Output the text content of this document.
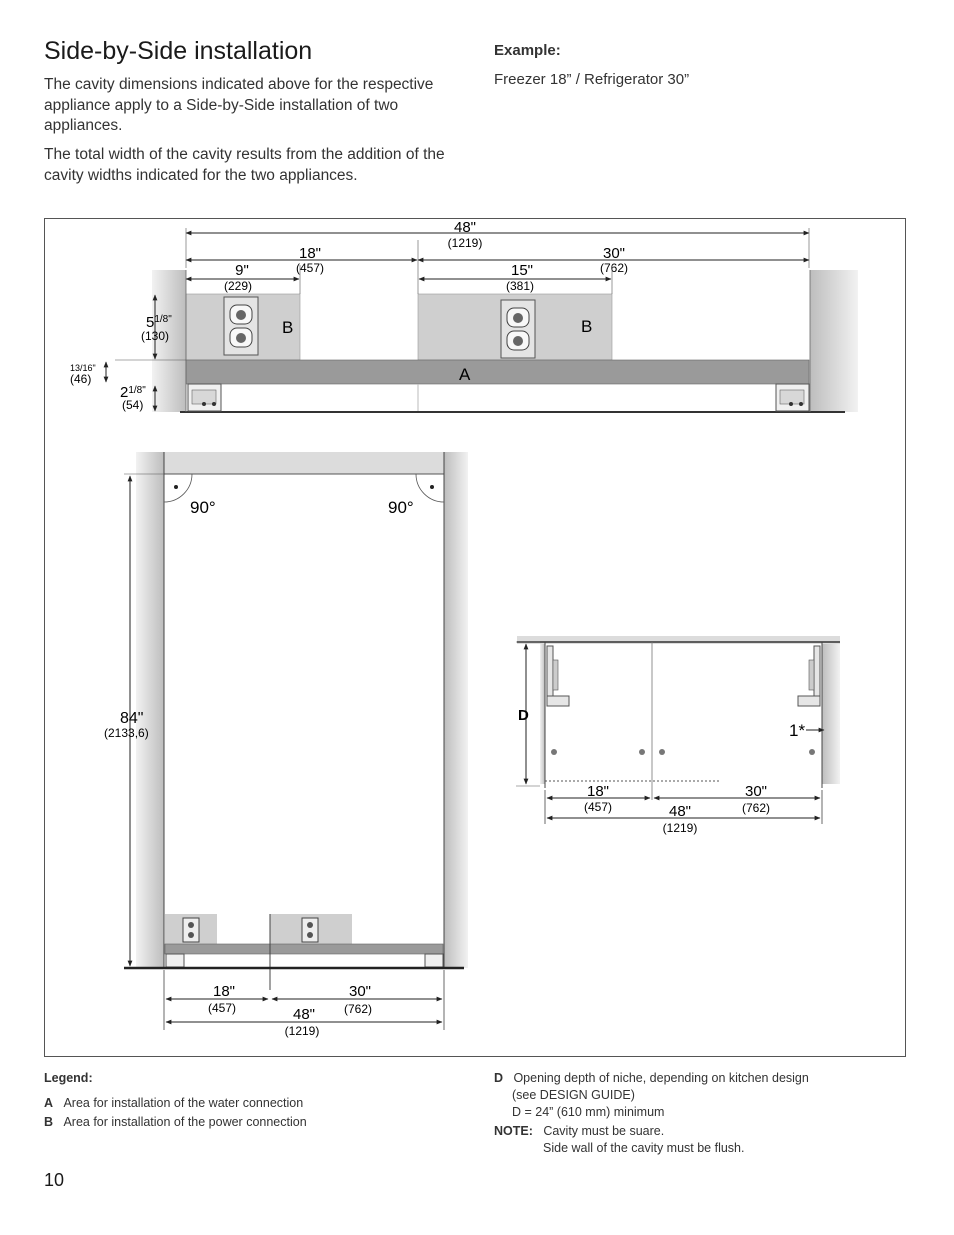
Side-by-Side installation

The cavity dimensions indicated above for the respective appliance apply to a Side-by-Side installation of two appliances.

The total width of the cavity results from the addition of the cavity widths indicated for the two appliances.

Example:
Freezer 18” / Refrigerator 30”
48"
(1219)
18"
(457)
30"
(762)
9"
(229)
15"
(381)
$5^{1/8}$"
(130)
13/16"
(46)
$2^{1/8}$"
(54)
B	B
A
90°	90°
84"
(2133,6)
18"
(457)
30"
(762)
48"
(1219)
D
1*
18"
(457)
30"
(762)
48"
(1219)
Legend:
A Area for installation of the water connection
B Area for installation of the power connection
D Opening depth of niche, depending on kitchen design
(see DESIGN GUIDE)
D = 24” (610 mm) minimum
NOTE: Cavity must be suare.
Side wall of the cavity must be flush.
10
